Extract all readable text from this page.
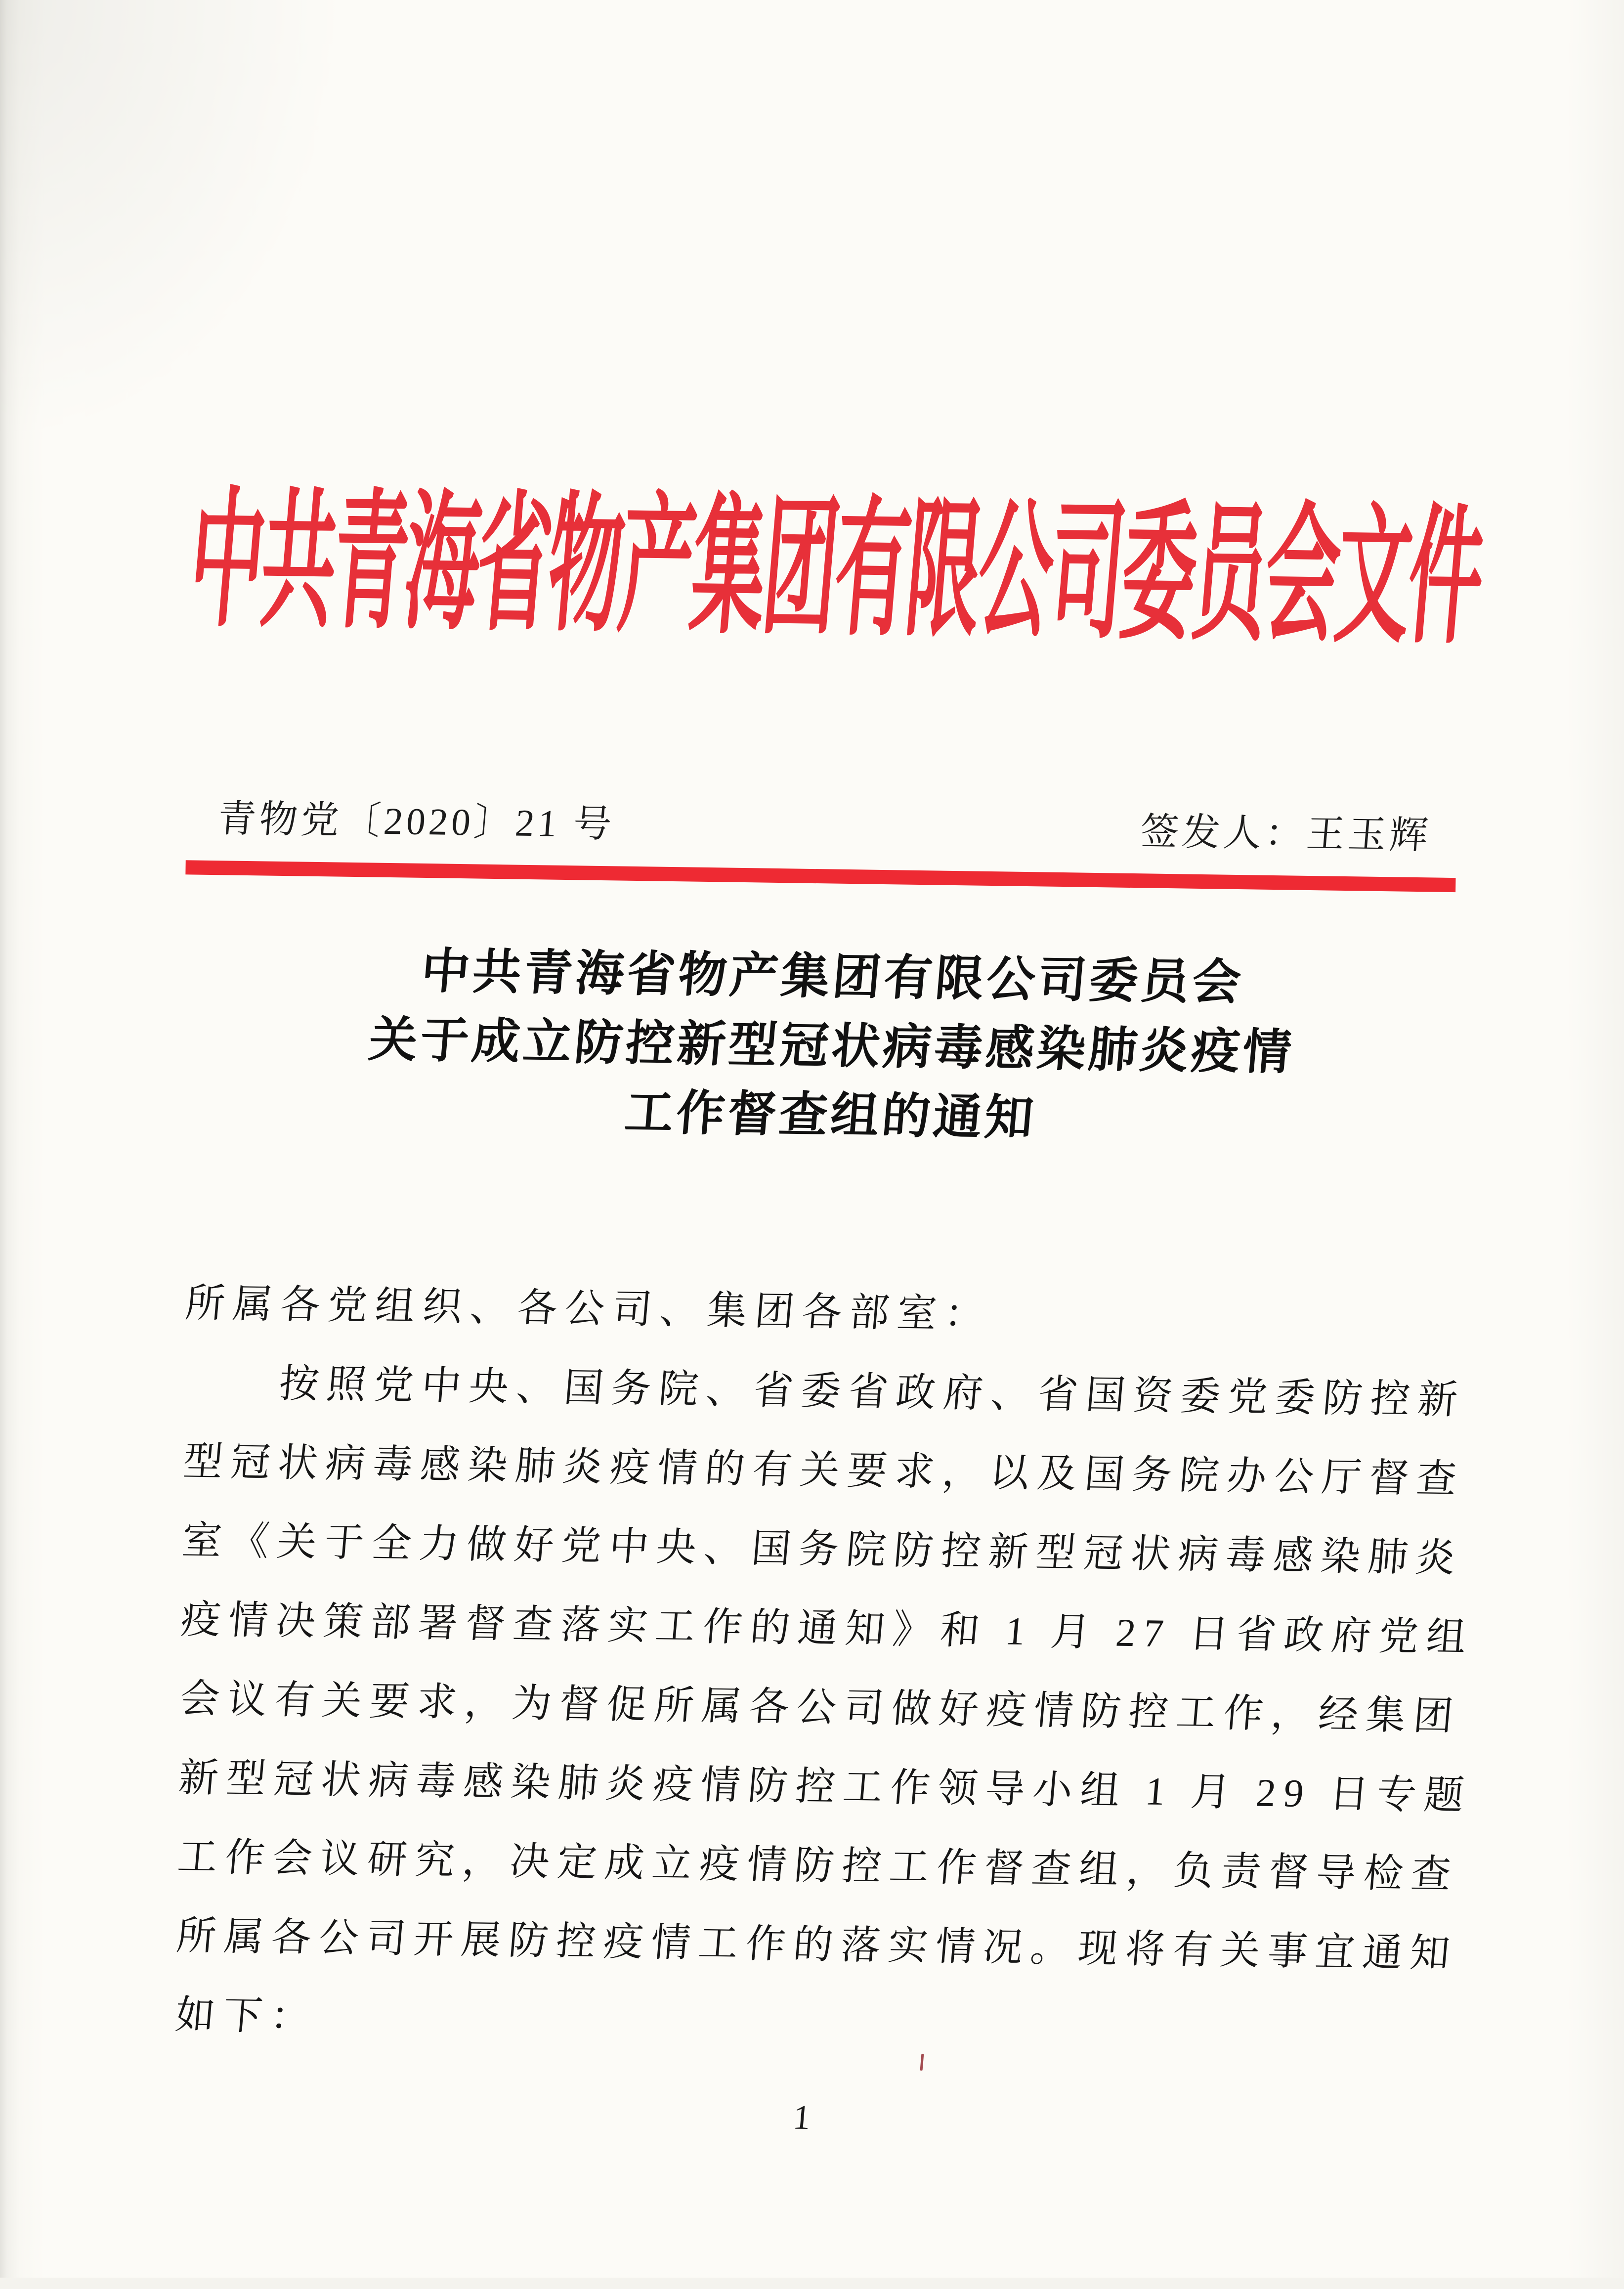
中共青海省物产集团有限公司委员会文件
青物党〔2020〕21 号	签发人：王玉辉
中共青海省物产集团有限公司委员会
关于成立防控新型冠状病毒感染肺炎疫情
工作督查组的通知
所属各党组织、各公司、集团各部室：
　　按照党中央、国务院、省委省政府、省国资委党委防控新
型冠状病毒感染肺炎疫情的有关要求，以及国务院办公厅督查
室《关于全力做好党中央、国务院防控新型冠状病毒感染肺炎
疫情决策部署督查落实工作的通知》和 1 月 27 日省政府党组
会议有关要求，为督促所属各公司做好疫情防控工作，经集团
新型冠状病毒感染肺炎疫情防控工作领导小组 1 月 29 日专题
工作会议研究，决定成立疫情防控工作督查组，负责督导检查
所属各公司开展防控疫情工作的落实情况。现将有关事宜通知
如下：
1
